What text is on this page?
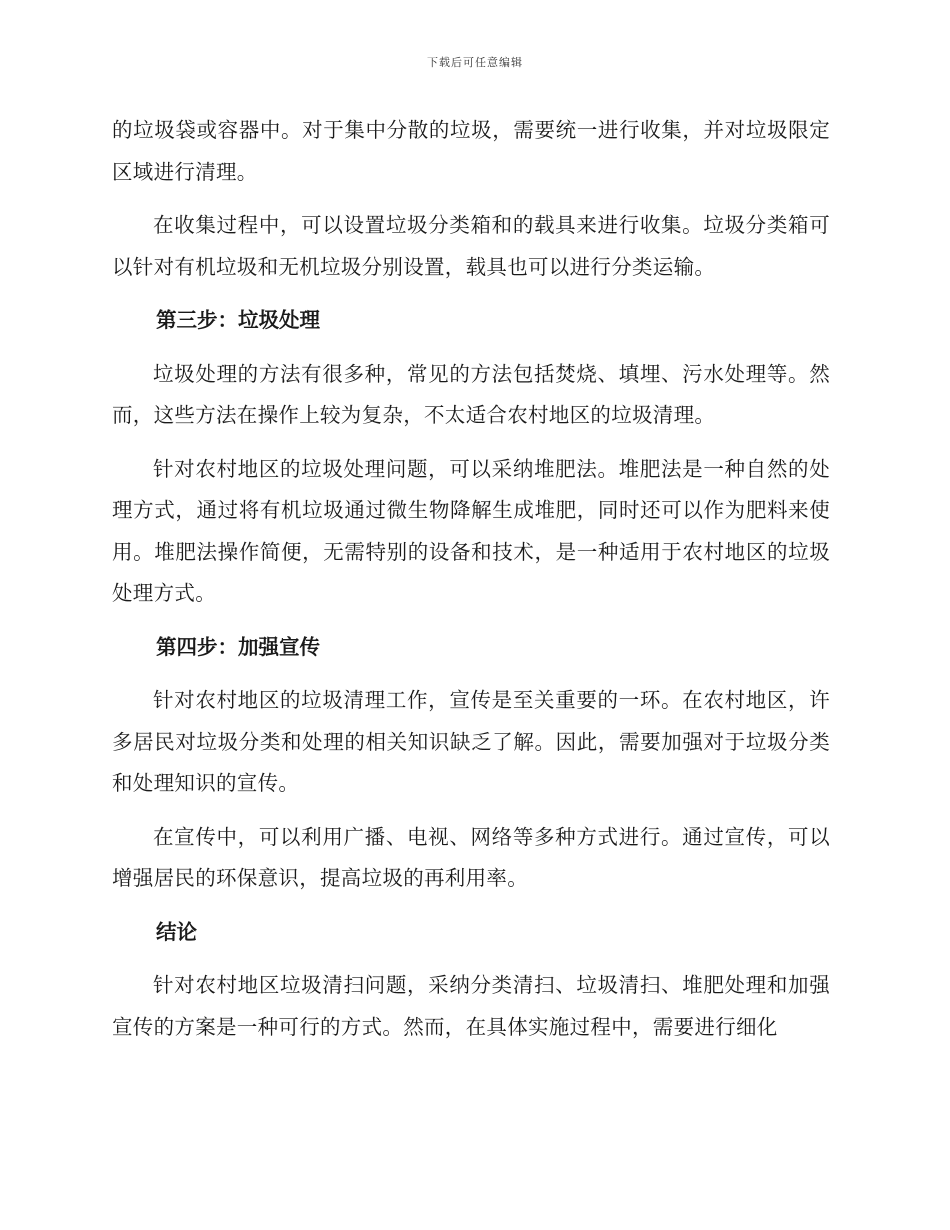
下载后可任意编辑

的垃圾袋或容器中。对于集中分散的垃圾，需要统一进行收集，并对垃圾限定区域进行清理。

在收集过程中，可以设置垃圾分类箱和的载具来进行收集。垃圾分类箱可以针对有机垃圾和无机垃圾分别设置，载具也可以进行分类运输。

第三步：垃圾处理

垃圾处理的方法有很多种，常见的方法包括焚烧、填埋、污水处理等。然而，这些方法在操作上较为复杂，不太适合农村地区的垃圾清理。

针对农村地区的垃圾处理问题，可以采纳堆肥法。堆肥法是一种自然的处理方式，通过将有机垃圾通过微生物降解生成堆肥，同时还可以作为肥料来使用。堆肥法操作简便，无需特别的设备和技术，是一种适用于农村地区的垃圾处理方式。

第四步：加强宣传

针对农村地区的垃圾清理工作，宣传是至关重要的一环。在农村地区，许多居民对垃圾分类和处理的相关知识缺乏了解。因此，需要加强对于垃圾分类和处理知识的宣传。

在宣传中，可以利用广播、电视、网络等多种方式进行。通过宣传，可以增强居民的环保意识，提高垃圾的再利用率。

结论

针对农村地区垃圾清扫问题，采纳分类清扫、垃圾清扫、堆肥处理和加强宣传的方案是一种可行的方式。然而，在具体实施过程中，需要进行细化
